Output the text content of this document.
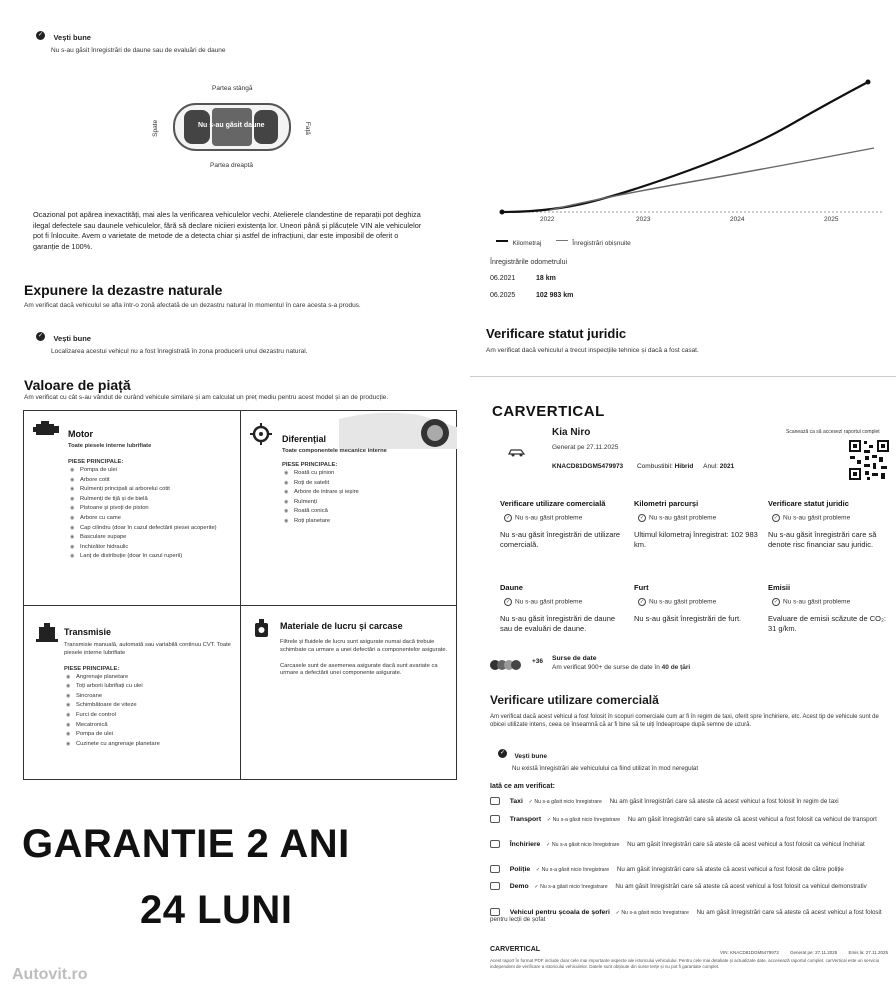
✓ Vești bune
Nu s-au găsit înregistrări de daune sau de evaluări de daune
Partea stângă
Partea dreaptă
Spate	Față
Nu s-au găsit daune
Ocazional pot apărea inexactități, mai ales la verificarea vehiculelor vechi. Atelierele clandestine de reparații pot deghiza ilegal defectele sau daunele vehiculelor, fără să declare niciieri existența lor. Uneori până și plăcuțele VIN ale vehiculelor pot fi înlocuite. Avem o varietate de metode de a detecta chiar și astfel de infracțiuni, dar este imposibil de oferit o garanție de 100%.
Expunere la dezastre naturale
Am verificat dacă vehiculul se afla într-o zonă afectată de un dezastru natural în momentul în care acesta s-a produs.
✓ Vești bune
Localizarea acestui vehicul nu a fost înregistrată în zona producerii unui dezastru natural.
Valoare de piață
Am verificat cu cât s-au vândut de curând vehicule similare și am calculat un preț mediu pentru acest model și an de producție.
Motor
Toate piesele interne lubrifiate
PIESE PRINCIPALE:
◉ Pompa de ulei
◉ Arbore cotit
◉ Rulmenți principali ai arborelui cotit
◉ Rulmenți de tijă și de bielă
◉ Pistoane și pivoți de piston
◉ Arbore cu came
◉ Cap cilindru (doar în cazul defectării piesei acoperite)
◉ Basculare supape
◉ Inchizător hidraulic
◉ Lanț de distribuție (doar în cazul ruperii)
Diferențial
Toate componentele mecanice interne
PIESE PRINCIPALE:
◉ Roată cu pinion
◉ Roți de satelit
◉ Arbore de intrare și ieșire
◉ Rulmenți
◉ Roată conică
◉ Roți planetare
Transmisie
Transmisie manuală, automată sau variabilă continuu CVT. Toate piesele interne lubrifiate
PIESE PRINCIPALE:
◉ Angrenaje planetare
◉ Toți arborii lubrifiați cu ulei
◉ Sincroane
◉ Schimbătoare de viteze
◉ Furci de control
◉ Mecatronică
◉ Pompa de ulei
◉ Cuzinete cu angrenaje planetare
Materiale de lucru și carcase
Filtrele și fluidele de lucru sunt asigurate numai dacă trebuie schimbate ca urmare a unei defectări a componentelor asigurate.
Carcasele sunt de asemenea asigurate dacă sunt avariate ca urmare a defectării unei componente asigurate.
GARANTIE 2 ANI
24 LUNI
Autovit.ro
2022	2023	2024	2025
Kilometraj	Înregistrări obișnuite
Înregistrările odometrului
06.2021	18 km
06.2025	102 983 km
Verificare statut juridic
Am verificat dacă vehiculul a trecut inspecțiile tehnice și dacă a fost casat.
CARVERTICAL
Kia Niro
Generat pe 27.11.2025
KNACD81DGM5479973 Combustibil: Hibrid Anul: 2021
Scanează ca să accesezi raportul complet
Verificare utilizare comercială
✓ Nu s-au găsit probleme
Nu s-au găsit înregistrări de utilizare comercială.
Kilometri parcurși
✓ Nu s-au găsit probleme
Ultimul kilometraj înregistrat: 102 983 km.
Verificare statut juridic
✓ Nu s-au găsit probleme
Nu s-au găsit înregistrări care să denote risc financiar sau juridic.
Daune
✓ Nu s-au găsit probleme
Nu s-au găsit înregistrări de daune sau de evaluări de daune.
Furt
✓ Nu s-au găsit probleme
Nu s-au găsit înregistrări de furt.
Emisii
✓ Nu s-au găsit probleme
Evaluare de emisii scăzute de CO₂: 31 g/km.
+36 Surse de date
Am verificat 900+ de surse de date în 40 de țări
Verificare utilizare comercială
Am verificat dacă acest vehicul a fost folosit în scopuri comerciale cum ar fi în regim de taxi, oferit spre închiriere, etc. Acest tip de vehicule sunt de obicei utilizate intens, ceea ce înseamnă că ar fi bine să te uiți îndeaproape după semne de uzură.
✓ Vești bune
Nu există înregistrări ale vehiculului ca fiind utilizat în mod neregulat
Iată ce am verificat:
Taxi ✓ Nu s-a găsit nicio înregistrare Nu am găsit înregistrări care să ateste că acest vehicul a fost folosit în regim de taxi
Transport ✓ Nu s-a găsit nicio înregistrare Nu am găsit înregistrări care să ateste că acest vehicul a fost folosit ca vehicul de transport
Închiriere ✓ Nu s-a găsit nicio înregistrare Nu am găsit înregistrări care să ateste că acest vehicul a fost folosit ca vehicul închiriat
Poliție ✓ Nu s-a găsit nicio înregistrare Nu am găsit înregistrări care să ateste că acest vehicul a fost folosit de către poliție
Demo ✓ Nu s-a găsit nicio înregistrare Nu am găsit înregistrări care să ateste că acest vehicul a fost folosit ca vehicul demonstrativ
Vehicul pentru școala de șoferi ✓ Nu s-a găsit nicio înregistrare Nu am găsit înregistrări care să ateste că acest vehicul a fost folosit pentru lecții de șofat
CARVERTICAL	VIN: KNACD81DGM5479973	Generat pe: 27.11.2025	Emis la: 27.11.2025
Acest raport în format PDF include doar cele mai importante aspecte ale istoricului vehiculului. Pentru cele mai detaliate și actualizate date, accesează raportul complet. carVertical este un serviciu independent de verificare a istoricului vehiculelor. Datele sunt obținute din surse terțe și nu pot fi garantate complet.
